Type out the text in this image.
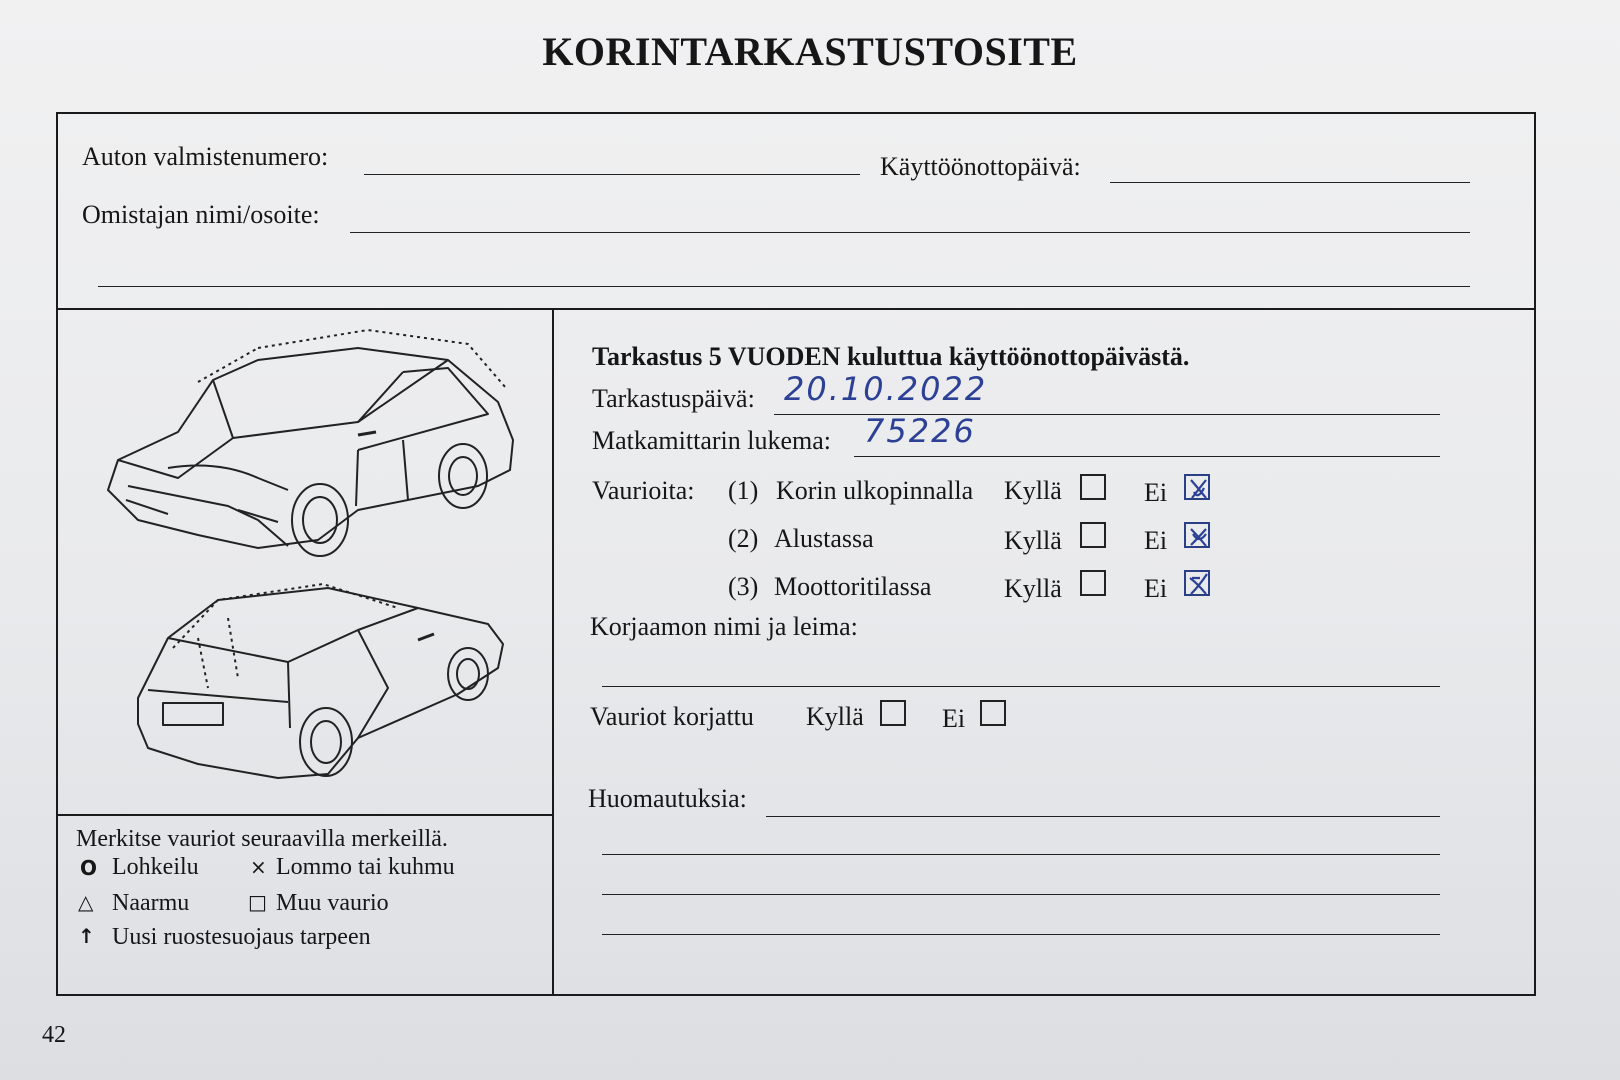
KORINTARKASTUSTOSITE
Auton valmistenumero:	Käyttöönottopäivä:
Omistajan nimi/osoite:
Merkitse vauriot seuraavilla merkeillä.
O Lohkeilu	× Lommo tai kuhmu
△ Naarmu	□ Muu vaurio
↑ Uusi ruostesuojaus tarpeen
Tarkastus 5 VUODEN kuluttua käyttöönottopäivästä.
Tarkastuspäivä: 20.10.2022
Matkamittarin lukema: 75226
Vaurioita: (1) Korin ulkopinnalla Kyllä	Ei
(2) Alustassa	Kyllä	Ei
(3) Moottoritilassa	Kyllä	Ei
Korjaamon nimi ja leima:
Vauriot korjattu Kyllä	Ei
Huomautuksia:
42
